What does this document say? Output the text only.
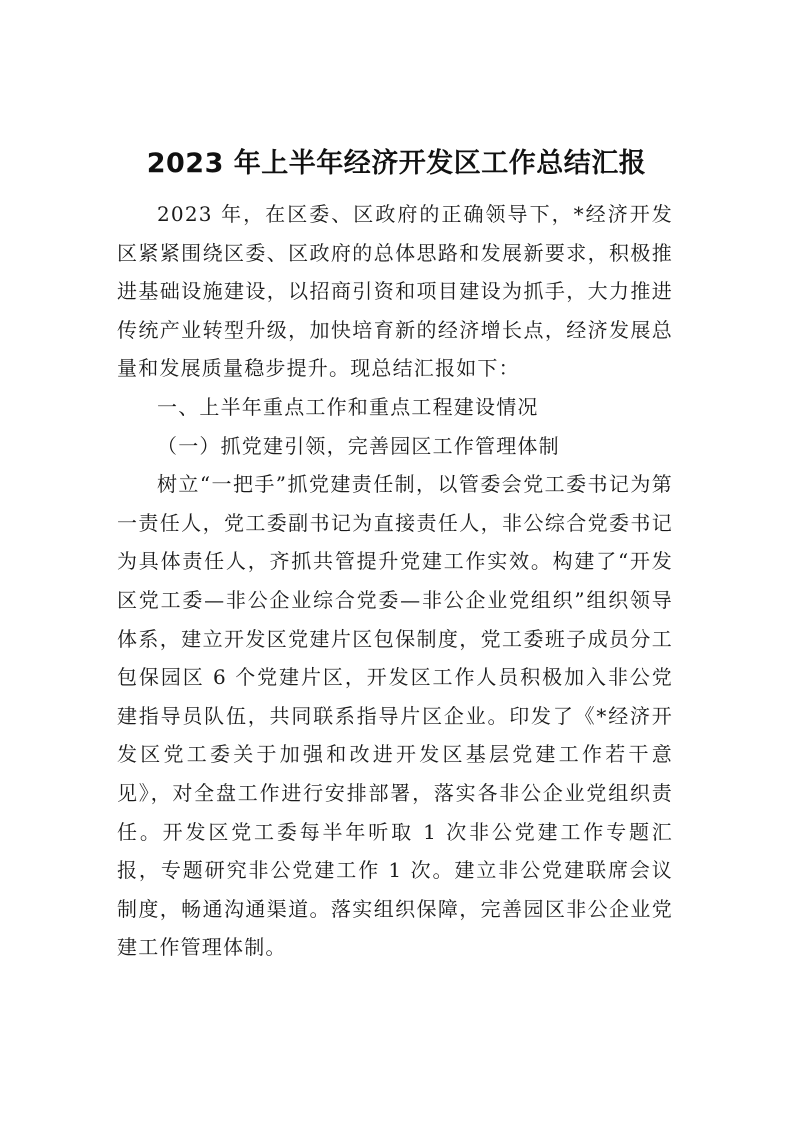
2023 年上半年经济开发区工作总结汇报

2023 年，在区委、区政府的正确领导下，*经济开发区紧紧围绕区委、区政府的总体思路和发展新要求，积极推进基础设施建设，以招商引资和项目建设为抓手，大力推进传统产业转型升级，加快培育新的经济增长点，经济发展总量和发展质量稳步提升。现总结汇报如下：

一、上半年重点工作和重点工程建设情况

（一）抓党建引领，完善园区工作管理体制

树立“一把手”抓党建责任制，以管委会党工委书记为第一责任人，党工委副书记为直接责任人，非公综合党委书记为具体责任人，齐抓共管提升党建工作实效。构建了“开发区党工委—非公企业综合党委—非公企业党组织”组织领导体系，建立开发区党建片区包保制度，党工委班子成员分工包保园区 6 个党建片区，开发区工作人员积极加入非公党建指导员队伍，共同联系指导片区企业。印发了《*经济开发区党工委关于加强和改进开发区基层党建工作若干意见》，对全盘工作进行安排部署，落实各非公企业党组织责任。开发区党工委每半年听取 1 次非公党建工作专题汇报，专题研究非公党建工作 1 次。建立非公党建联席会议制度，畅通沟通渠道。落实组织保障，完善园区非公企业党建工作管理体制。
